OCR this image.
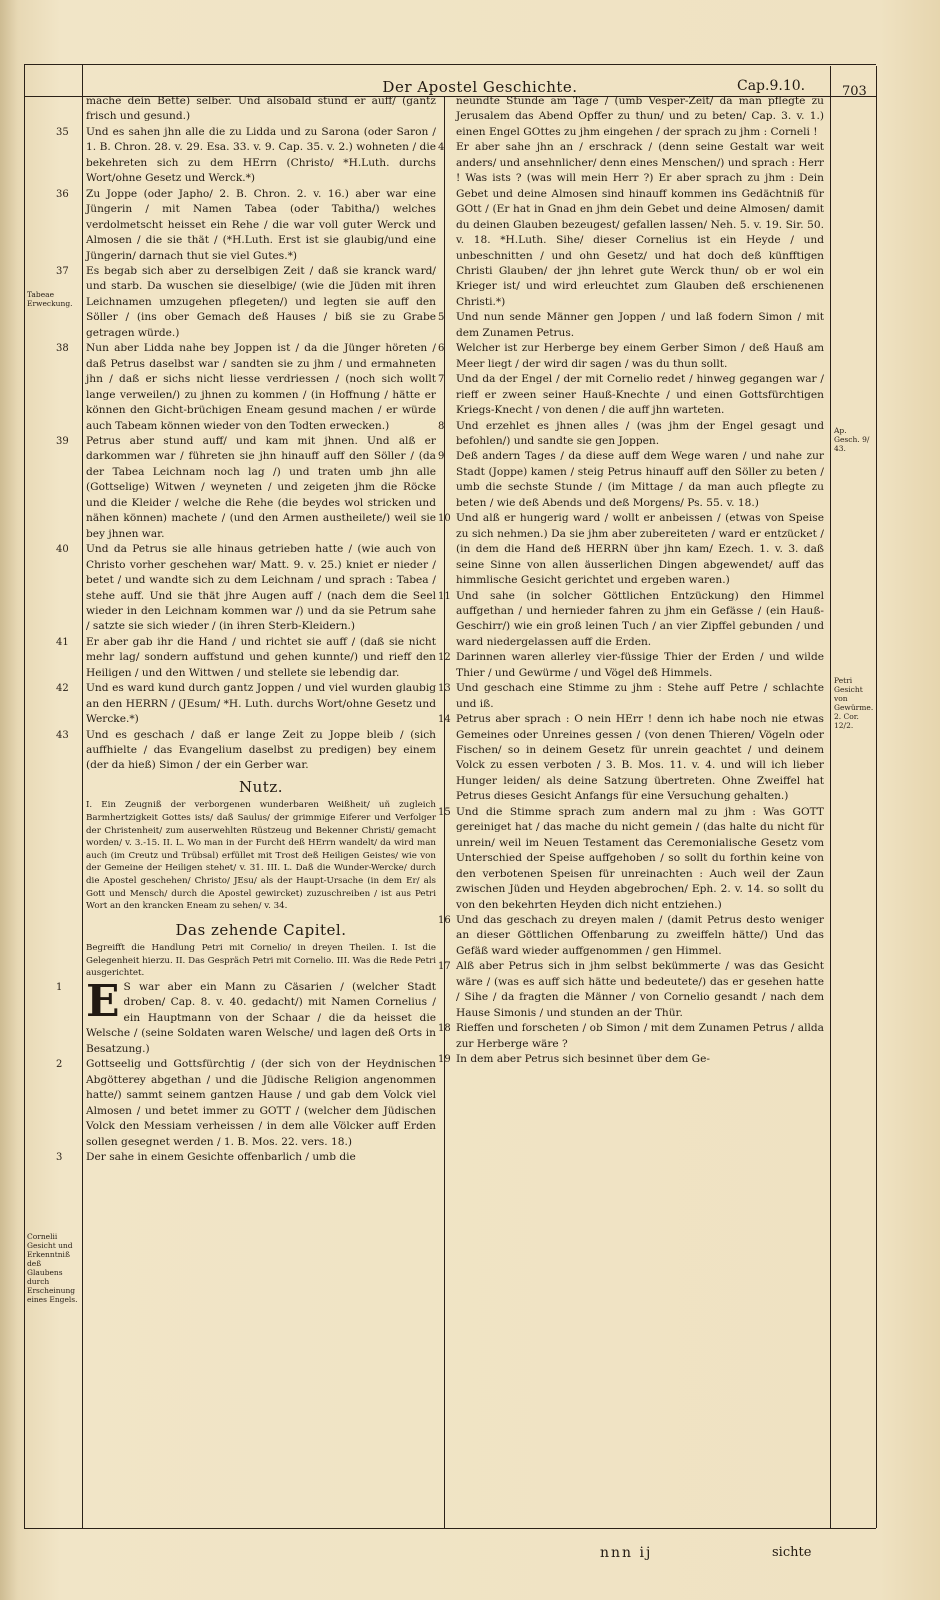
Der Apostel Geschichte.	Cap.9.10.	703
Tabeae Erweckung.
Cornelii Gesicht und Erkenntniß deß Glaubens durch Erscheinung eines Engels.
Ap. Gesch. 9/ 43.
Petri Gesicht von Gewürme. 2. Cor. 12/2.

mache dein Bette) selber. Und alsobald stund er auff/ (gantz frisch und gesund.)

35 Und es sahen jhn alle die zu Lidda und zu Sarona (oder Saron / 1. B. Chron. 28. v. 29. Esa. 33. v. 9. Cap. 35. v. 2.) wohneten / die bekehreten sich zu dem HErrn (Christo/ *H.Luth. durchs Wort/ohne Gesetz und Werck.*)

36 Zu Joppe (oder Japho/ 2. B. Chron. 2. v. 16.) aber war eine Jüngerin / mit Namen Tabea (oder Tabitha/) welches verdolmetscht heisset ein Rehe / die war voll guter Werck und Almosen / die sie thät / (*H.Luth. Erst ist sie glaubig/und eine Jüngerin/ darnach thut sie viel Gutes.*)

37 Es begab sich aber zu derselbigen Zeit / daß sie kranck ward/ und starb. Da wuschen sie dieselbige/ (wie die Jüden mit ihren Leichnamen umzugehen pflegeten/) und legten sie auff den Söller / (ins ober Gemach deß Hauses / biß sie zu Grabe getragen würde.)

38 Nun aber Lidda nahe bey Joppen ist / da die Jünger höreten / daß Petrus daselbst war / sandten sie zu jhm / und ermahneten jhn / daß er sichs nicht liesse verdriessen / (noch sich wollt lange verweilen/) zu jhnen zu kommen / (in Hoffnung / hätte er können den Gicht-brüchigen Eneam gesund machen / er würde auch Tabeam können wieder von den Todten erwecken.)

39 Petrus aber stund auff/ und kam mit jhnen. Und alß er darkommen war / führeten sie jhn hinauff auff den Söller / (da der Tabea Leichnam noch lag /) und traten umb jhn alle (Gottselige) Witwen / weyneten / und zeigeten jhm die Röcke und die Kleider / welche die Rehe (die beydes wol stricken und nähen können) machete / (und den Armen austheilete/) weil sie bey jhnen war.

40 Und da Petrus sie alle hinaus getrieben hatte / (wie auch von Christo vorher geschehen war/ Matt. 9. v. 25.) kniet er nieder / betet / und wandte sich zu dem Leichnam / und sprach : Tabea / stehe auff. Und sie thät jhre Augen auff / (nach dem die Seel wieder in den Leichnam kommen war /) und da sie Petrum sahe / satzte sie sich wieder / (in ihren Sterb-Kleidern.)

41 Er aber gab ihr die Hand / und richtet sie auff / (daß sie nicht mehr lag/ sondern auffstund und gehen kunnte/) und rieff den Heiligen / und den Wittwen / und stellete sie lebendig dar.

42 Und es ward kund durch gantz Joppen / und viel wurden glaubig an den HERRN / (JEsum/ *H. Luth. durchs Wort/ohne Gesetz und Wercke.*)

43 Und es geschach / daß er lange Zeit zu Joppe bleib / (sich auffhielte / das Evangelium daselbst zu predigen) bey einem (der da hieß) Simon / der ein Gerber war.

Nutz.

I. Ein Zeugniß der verborgenen wunderbaren Weißheit/ uñ zugleich Barmhertzigkeit Gottes ists/ daß Saulus/ der grimmige Eiferer und Verfolger der Christenheit/ zum auserwehlten Rüstzeug und Bekenner Christi/ gemacht worden/ v. 3.-15. II. L. Wo man in der Furcht deß HErrn wandelt/ da wird man auch (im Creutz und Trübsal) erfüllet mit Trost deß Heiligen Geistes/ wie von der Gemeine der Heiligen stehet/ v. 31. III. L. Daß die Wunder-Wercke/ durch die Apostel geschehen/ Christo/ JEsu/ als der Haupt-Ursache (in dem Er/ als Gott und Mensch/ durch die Apostel gewircket) zuzuschreiben / ist aus Petri Wort an den krancken Eneam zu sehen/ v. 34.

Das zehende Capitel.

Begreifft die Handlung Petri mit Cornelio/ in dreyen Theilen. I. Ist die Gelegenheit hierzu. II. Das Gespräch Petri mit Cornelio. III. Was die Rede Petri ausgerichtet.

1 E S war aber ein Mann zu Cäsarien / (welcher Stadt droben/ Cap. 8. v. 40. gedacht/) mit Namen Cornelius / ein Hauptmann von der Schaar / die da heisset die Welsche / (seine Soldaten waren Welsche/ und lagen deß Orts in Besatzung.)

2 Gottseelig und Gottsfürchtig / (der sich von der Heydnischen Abgötterey abgethan / und die Jüdische Religion angenommen hatte/) sammt seinem gantzen Hause / und gab dem Volck viel Almosen / und betet immer zu GOTT / (welcher dem Jüdischen Volck den Messiam verheissen / in dem alle Völcker auff Erden sollen gesegnet werden / 1. B. Mos. 22. vers. 18.)

3 Der sahe in einem Gesichte offenbarlich / umb die

neundte Stunde am Tage / (umb Vesper-Zeit/ da man pflegte zu Jerusalem das Abend Opffer zu thun/ und zu beten/ Cap. 3. v. 1.) einen Engel GOttes zu jhm eingehen / der sprach zu jhm : Corneli !

4 Er aber sahe jhn an / erschrack / (denn seine Gestalt war weit anders/ und ansehnlicher/ denn eines Menschen/) und sprach : Herr ! Was ists ? (was will mein Herr ?) Er aber sprach zu jhm : Dein Gebet und deine Almosen sind hinauff kommen ins Gedächtniß für GOtt / (Er hat in Gnad en jhm dein Gebet und deine Almosen/ damit du deinen Glauben bezeugest/ gefallen lassen/ Neh. 5. v. 19. Sir. 50. v. 18. *H.Luth. Sihe/ dieser Cornelius ist ein Heyde / und unbeschnitten / und ohn Gesetz/ und hat doch deß künfftigen Christi Glauben/ der jhn lehret gute Werck thun/ ob er wol ein Krieger ist/ und wird erleuchtet zum Glauben deß erschienenen Christi.*)

5 Und nun sende Männer gen Joppen / und laß fodern Simon / mit dem Zunamen Petrus.

6 Welcher ist zur Herberge bey einem Gerber Simon / deß Hauß am Meer liegt / der wird dir sagen / was du thun sollt.

7 Und da der Engel / der mit Cornelio redet / hinweg gegangen war / rieff er zween seiner Hauß-Knechte / und einen Gottsfürchtigen Kriegs-Knecht / von denen / die auff jhn warteten.

8 Und erzehlet es jhnen alles / (was jhm der Engel gesagt und befohlen/) und sandte sie gen Joppen.

9 Deß andern Tages / da diese auff dem Wege waren / und nahe zur Stadt (Joppe) kamen / steig Petrus hinauff auff den Söller zu beten / umb die sechste Stunde / (im Mittage / da man auch pflegte zu beten / wie deß Abends und deß Morgens/ Ps. 55. v. 18.)

10 Und alß er hungerig ward / wollt er anbeissen / (etwas von Speise zu sich nehmen.) Da sie jhm aber zubereiteten / ward er entzücket / (in dem die Hand deß HERRN über jhn kam/ Ezech. 1. v. 3. daß seine Sinne von allen äusserlichen Dingen abgewendet/ auff das himmlische Gesicht gerichtet und ergeben waren.)

11 Und sahe (in solcher Göttlichen Entzückung) den Himmel auffgethan / und hernieder fahren zu jhm ein Gefässe / (ein Hauß-Geschirr/) wie ein groß leinen Tuch / an vier Zipffel gebunden / und ward niedergelassen auff die Erden.

12 Darinnen waren allerley vier-füssige Thier der Erden / und wilde Thier / und Gewürme / und Vögel deß Himmels.

13 Und geschach eine Stimme zu jhm : Stehe auff Petre / schlachte und iß.

14 Petrus aber sprach : O nein HErr ! denn ich habe noch nie etwas Gemeines oder Unreines gessen / (von denen Thieren/ Vögeln oder Fischen/ so in deinem Gesetz für unrein geachtet / und deinem Volck zu essen verboten / 3. B. Mos. 11. v. 4. und will ich lieber Hunger leiden/ als deine Satzung übertreten. Ohne Zweiffel hat Petrus dieses Gesicht Anfangs für eine Versuchung gehalten.)

15 Und die Stimme sprach zum andern mal zu jhm : Was GOTT gereiniget hat / das mache du nicht gemein / (das halte du nicht für unrein/ weil im Neuen Testament das Ceremonialische Gesetz vom Unterschied der Speise auffgehoben / so sollt du forthin keine von den verbotenen Speisen für unreinachten : Auch weil der Zaun zwischen Jüden und Heyden abgebrochen/ Eph. 2. v. 14. so sollt du von den bekehrten Heyden dich nicht entziehen.)

16 Und das geschach zu dreyen malen / (damit Petrus desto weniger an dieser Göttlichen Offenbarung zu zweiffeln hätte/) Und das Gefäß ward wieder auffgenommen / gen Himmel.

17 Alß aber Petrus sich in jhm selbst bekümmerte / was das Gesicht wäre / (was es auff sich hätte und bedeutete/) das er gesehen hatte / Sihe / da fragten die Männer / von Cornelio gesandt / nach dem Hause Simonis / und stunden an der Thür.

18 Rieffen und forscheten / ob Simon / mit dem Zunamen Petrus / allda zur Herberge wäre ?

19 In dem aber Petrus sich besinnet über dem Ge-

nnn ij	sichte
